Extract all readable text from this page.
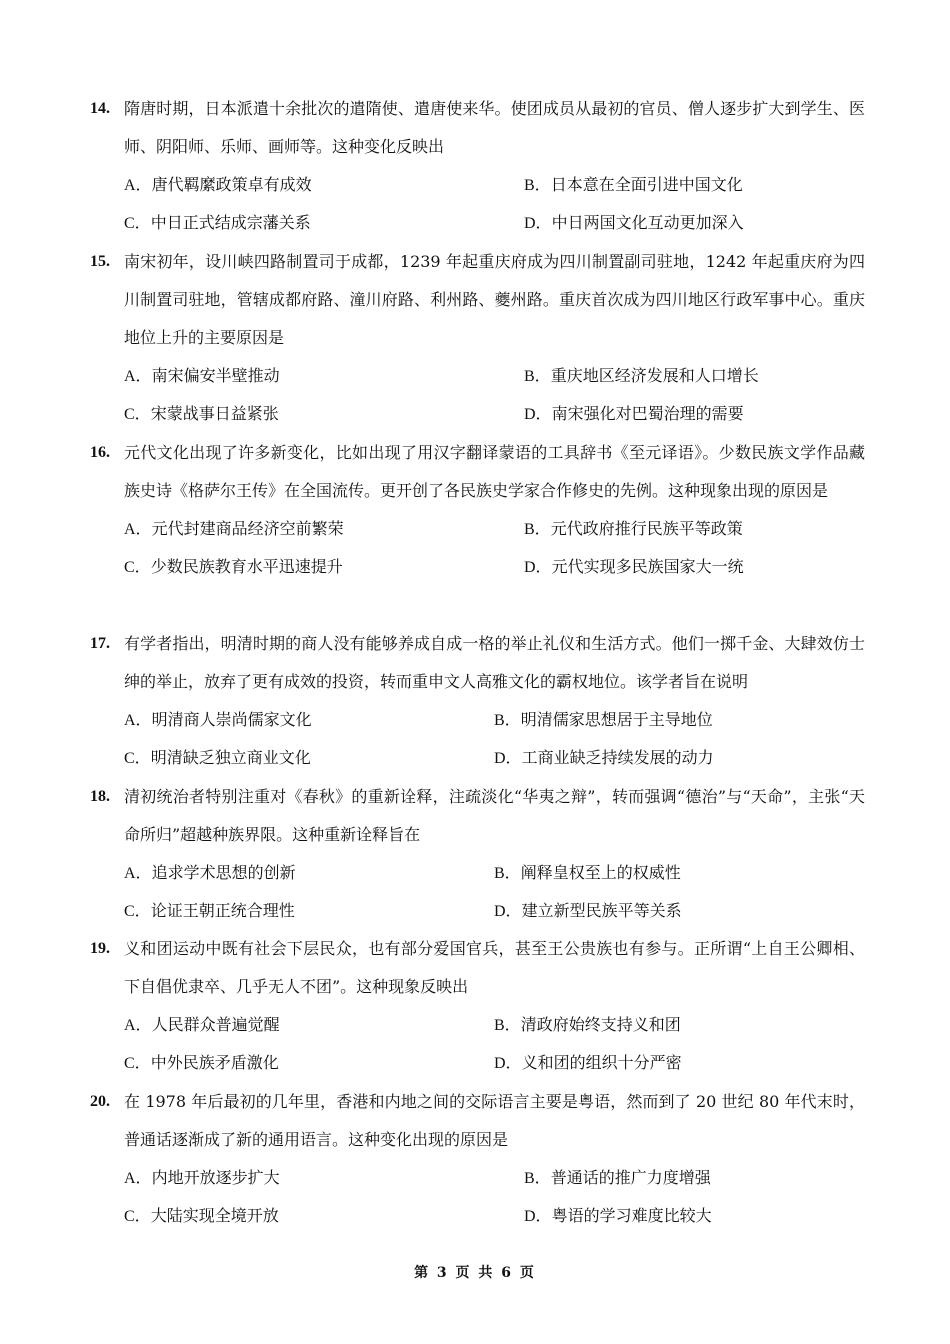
14. 隋唐时期，日本派遣十余批次的遣隋使、遣唐使来华。使团成员从最初的官员、僧人逐步扩大到学生、医师、阴阳师、乐师、画师等。这种变化反映出
A．唐代羁縻政策卓有成效	B．日本意在全面引进中国文化
C．中日正式结成宗藩关系	D．中日两国文化互动更加深入
15. 南宋初年，设川峡四路制置司于成都，1239 年起重庆府成为四川制置副司驻地，1242 年起重庆府为四川制置司驻地，管辖成都府路、潼川府路、利州路、夔州路。重庆首次成为四川地区行政军事中心。重庆地位上升的主要原因是
A．南宋偏安半壁推动	B．重庆地区经济发展和人口增长
C．宋蒙战事日益紧张	D．南宋强化对巴蜀治理的需要
16. 元代文化出现了许多新变化，比如出现了用汉字翻译蒙语的工具辞书《至元译语》。少数民族文学作品藏族史诗《格萨尔王传》在全国流传。更开创了各民族史学家合作修史的先例。这种现象出现的原因是
A．元代封建商品经济空前繁荣	B．元代政府推行民族平等政策
C．少数民族教育水平迅速提升	D．元代实现多民族国家大一统
17. 有学者指出，明清时期的商人没有能够养成自成一格的举止礼仪和生活方式。他们一掷千金、大肆效仿士绅的举止，放弃了更有成效的投资，转而重申文人高雅文化的霸权地位。该学者旨在说明
A．明清商人崇尚儒家文化	B．明清儒家思想居于主导地位
C．明清缺乏独立商业文化	D．工商业缺乏持续发展的动力
18. 清初统治者特别注重对《春秋》的重新诠释，注疏淡化“华夷之辩”，转而强调“德治”与“天命”，主张“天命所归”超越种族界限。这种重新诠释旨在
A．追求学术思想的创新	B．阐释皇权至上的权威性
C．论证王朝正统合理性	D．建立新型民族平等关系
19. 义和团运动中既有社会下层民众，也有部分爱国官兵，甚至王公贵族也有参与。正所谓“上自王公卿相、下自倡优隶卒、几乎无人不团”。这种现象反映出
A．人民群众普遍觉醒	B．清政府始终支持义和团
C．中外民族矛盾激化	D．义和团的组织十分严密
20. 在 1978 年后最初的几年里，香港和内地之间的交际语言主要是粤语，然而到了 20 世纪 80 年代末时，普通话逐渐成了新的通用语言。这种变化出现的原因是
A．内地开放逐步扩大	B．普通话的推广力度增强
C．大陆实现全境开放	D．粤语的学习难度比较大
第 3 页 共 6 页
